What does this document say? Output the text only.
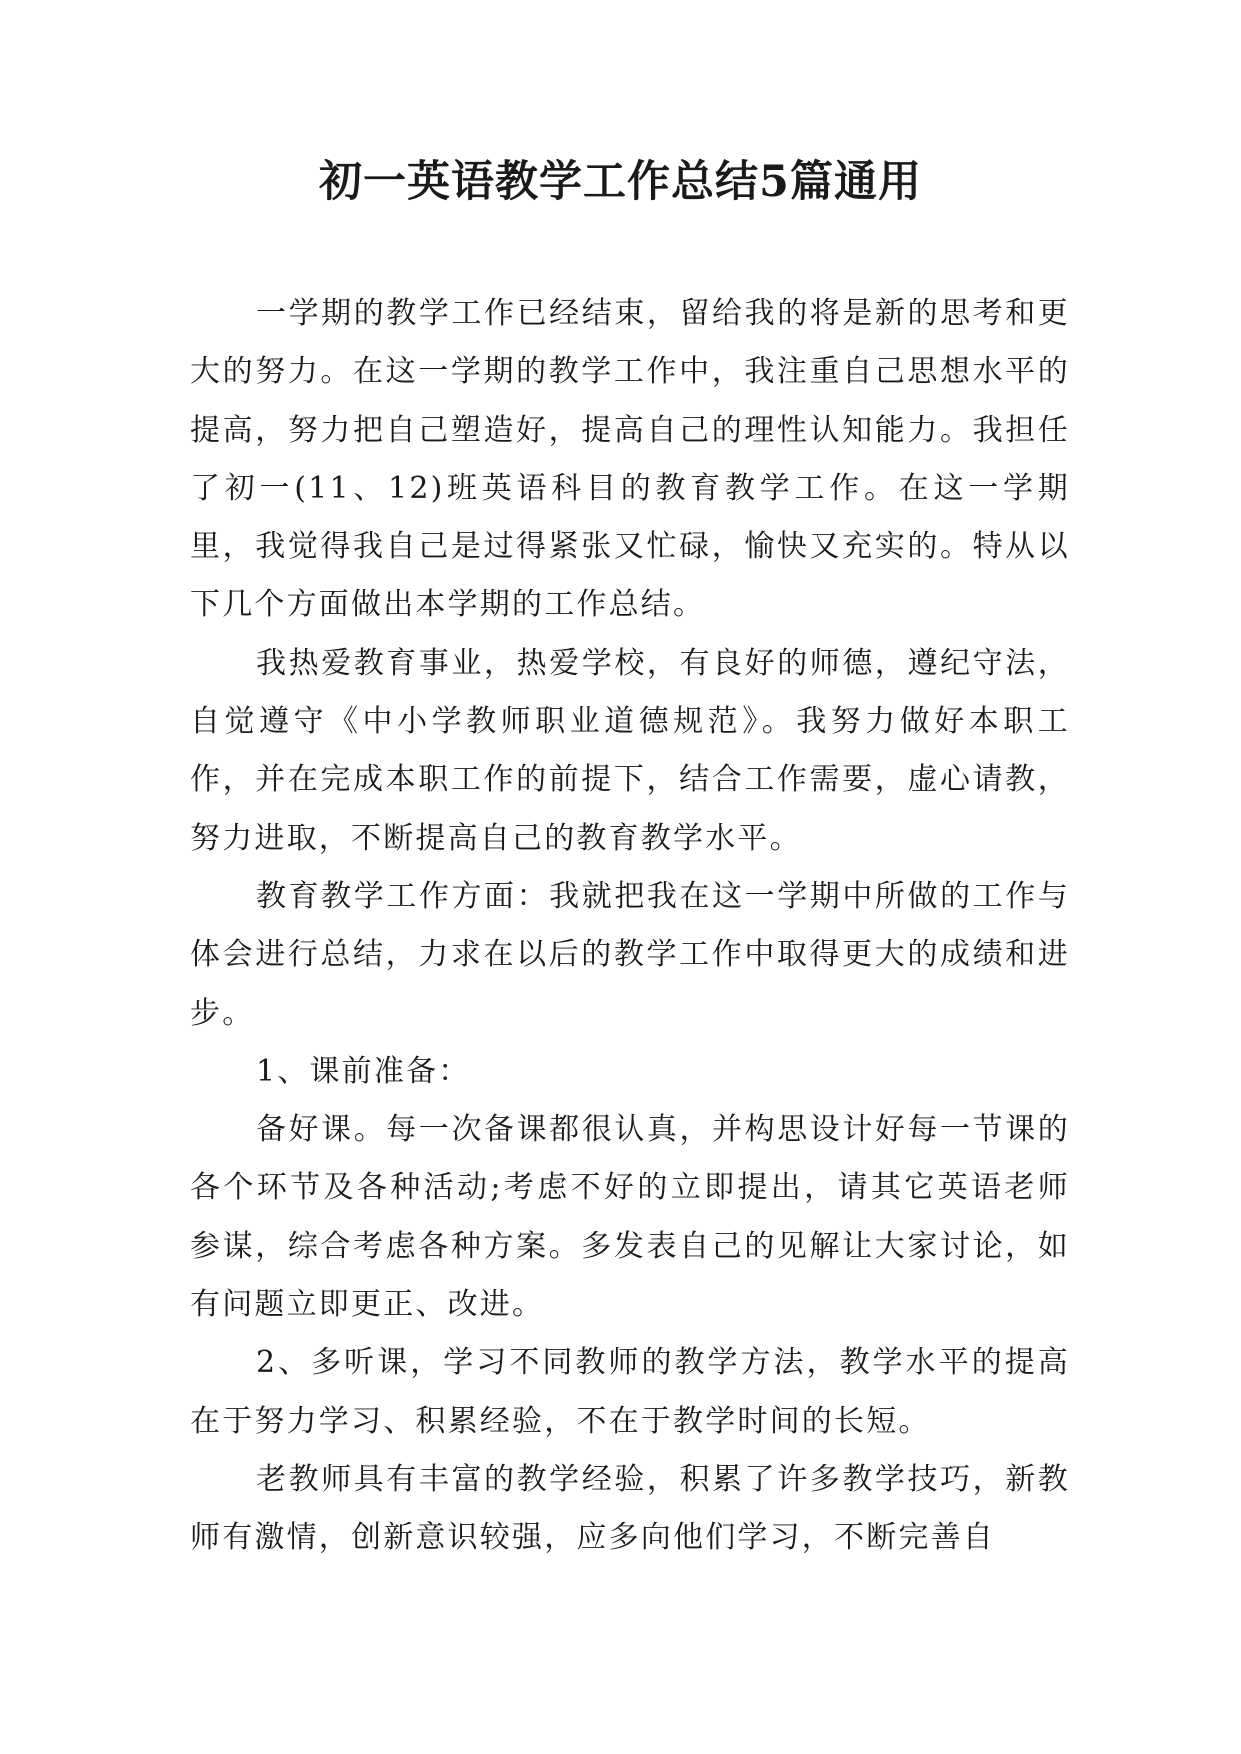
初一英语教学工作总结5篇通用

一学期的教学工作已经结束，留给我的将是新的思考和更大的努力。在这一学期的教学工作中，我注重自己思想水平的提高，努力把自己塑造好，提高自己的理性认知能力。我担任了初一(11、12)班英语科目的教育教学工作。在这一学期里，我觉得我自己是过得紧张又忙碌，愉快又充实的。特从以下几个方面做出本学期的工作总结。

我热爱教育事业，热爱学校，有良好的师德，遵纪守法，自觉遵守《中小学教师职业道德规范》。我努力做好本职工作，并在完成本职工作的前提下，结合工作需要，虚心请教，努力进取，不断提高自己的教育教学水平。

教育教学工作方面：我就把我在这一学期中所做的工作与体会进行总结，力求在以后的教学工作中取得更大的成绩和进步。

1、课前准备：

备好课。每一次备课都很认真，并构思设计好每一节课的各个环节及各种活动;考虑不好的立即提出，请其它英语老师参谋，综合考虑各种方案。多发表自己的见解让大家讨论，如有问题立即更正、改进。

2、多听课，学习不同教师的教学方法，教学水平的提高在于努力学习、积累经验，不在于教学时间的长短。

老教师具有丰富的教学经验，积累了许多教学技巧，新教师有激情，创新意识较强，应多向他们学习，不断完善自
